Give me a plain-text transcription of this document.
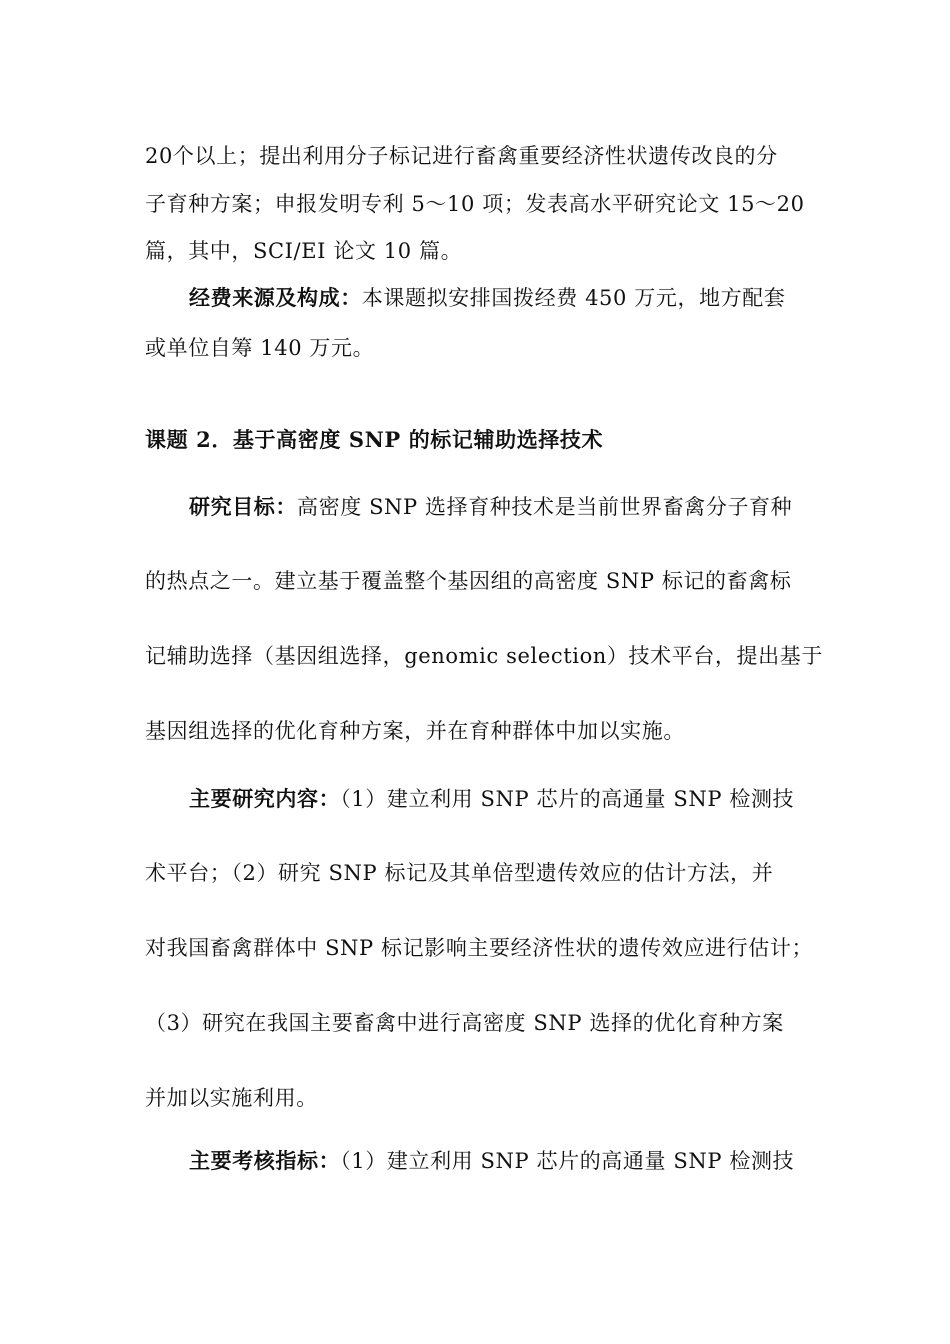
20个以上；提出利用分子标记进行畜禽重要经济性状遗传改良的分
子育种方案；申报发明专利 5～10 项；发表高水平研究论文 15～20
篇，其中，SCI/EI 论文 10 篇。
经费来源及构成：本课题拟安排国拨经费 450 万元，地方配套
或单位自筹 140 万元。
课题 2．基于高密度 SNP 的标记辅助选择技术
研究目标：高密度 SNP 选择育种技术是当前世界畜禽分子育种
的热点之一。建立基于覆盖整个基因组的高密度 SNP 标记的畜禽标
记辅助选择（基因组选择，genomic selection）技术平台，提出基于
基因组选择的优化育种方案，并在育种群体中加以实施。
主要研究内容：（1）建立利用 SNP 芯片的高通量 SNP 检测技
术平台；（2）研究 SNP 标记及其单倍型遗传效应的估计方法，并
对我国畜禽群体中 SNP 标记影响主要经济性状的遗传效应进行估计；
（3）研究在我国主要畜禽中进行高密度 SNP 选择的优化育种方案
并加以实施利用。
主要考核指标：（1）建立利用 SNP 芯片的高通量 SNP 检测技
